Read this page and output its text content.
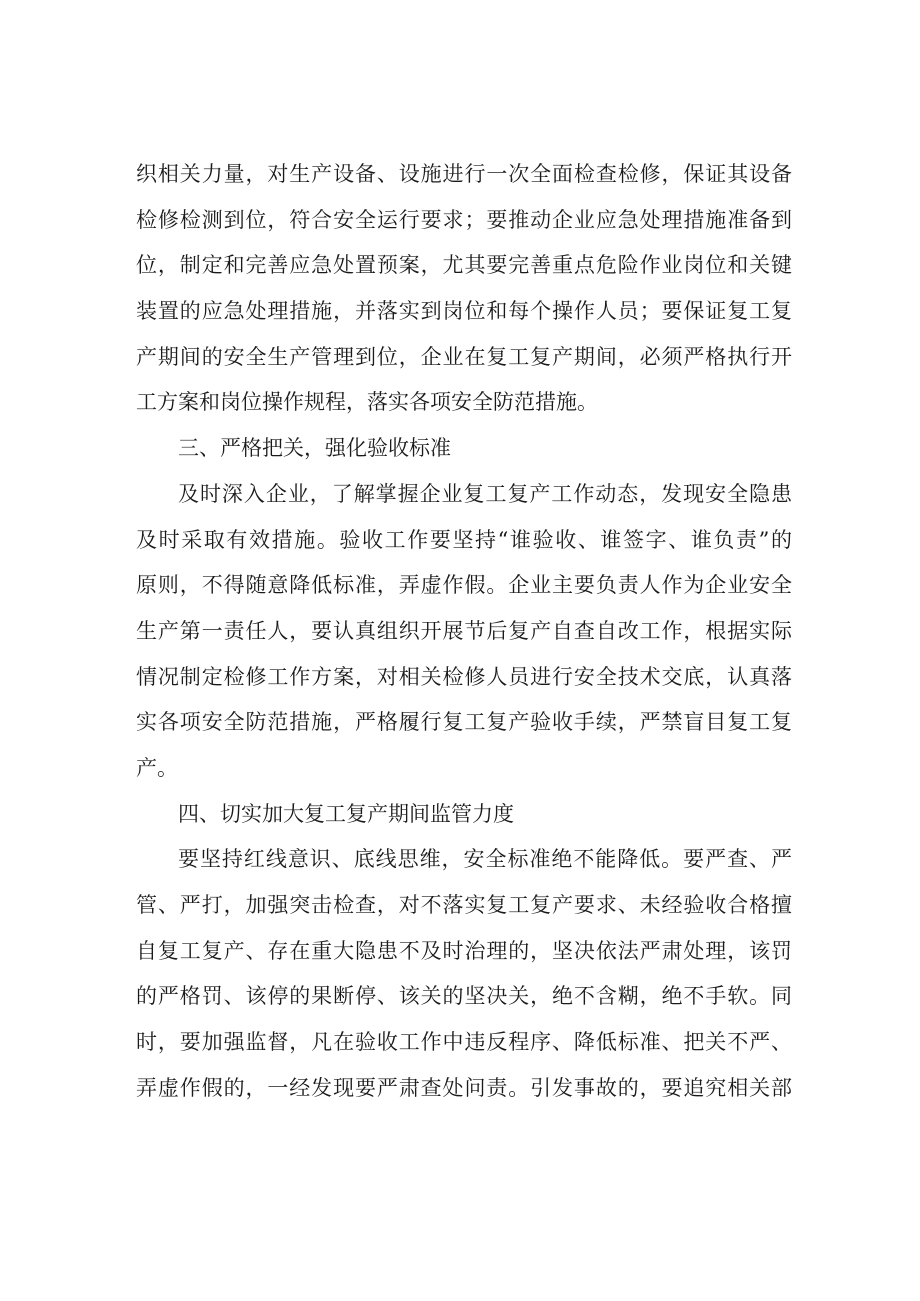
织相关力量，对生产设备、设施进行一次全面检查检修，保证其设备
检修检测到位，符合安全运行要求；要推动企业应急处理措施准备到
位，制定和完善应急处置预案，尤其要完善重点危险作业岗位和关键
装置的应急处理措施，并落实到岗位和每个操作人员；要保证复工复
产期间的安全生产管理到位，企业在复工复产期间，必须严格执行开
工方案和岗位操作规程，落实各项安全防范措施。
三、严格把关，强化验收标准
及时深入企业，了解掌握企业复工复产工作动态，发现安全隐患
及时采取有效措施。验收工作要坚持“谁验收、谁签字、谁负责”的
原则，不得随意降低标准，弄虚作假。企业主要负责人作为企业安全
生产第一责任人，要认真组织开展节后复产自查自改工作，根据实际
情况制定检修工作方案，对相关检修人员进行安全技术交底，认真落
实各项安全防范措施，严格履行复工复产验收手续，严禁盲目复工复
产。
四、切实加大复工复产期间监管力度
要坚持红线意识、底线思维，安全标准绝不能降低。要严查、严
管、严打，加强突击检查，对不落实复工复产要求、未经验收合格擅
自复工复产、存在重大隐患不及时治理的，坚决依法严肃处理，该罚
的严格罚、该停的果断停、该关的坚决关，绝不含糊，绝不手软。同
时，要加强监督，凡在验收工作中违反程序、降低标准、把关不严、
弄虚作假的，一经发现要严肃查处问责。引发事故的，要追究相关部
